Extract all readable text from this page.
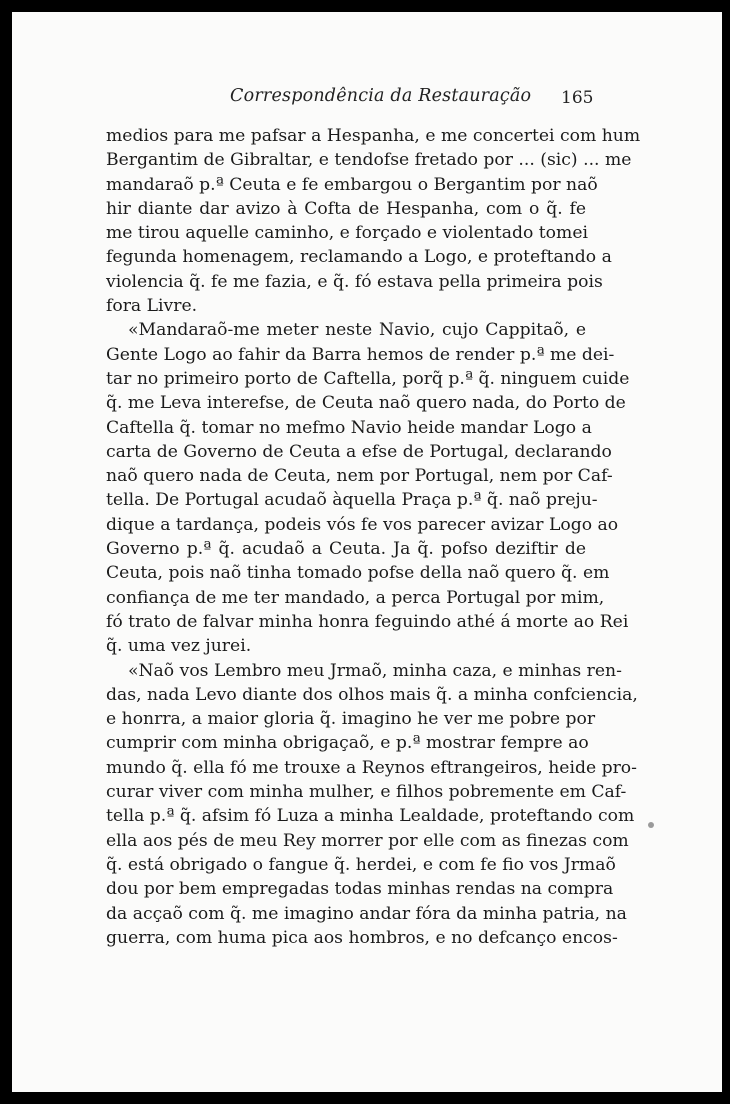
Correspondência da Restauração 165
medios para me pafsar a Hespanha, e me concertei com hum
Bergantim de Gibraltar, e tendofse fretado por ... (sic) ... me
mandaraõ p.ª Ceuta e fe embargou o Bergantim por naõ
hir diante dar avizo à Cofta de Hespanha, com o q̃. fe
me tirou aquelle caminho, e forçado e violentado tomei
fegunda homenagem, reclamando a Logo, e proteftando a
violencia q̃. fe me fazia, e q̃. fó estava pella primeira pois
fora Livre.
«Mandaraõ-me meter neste Navio, cujo Cappitaõ, e
Gente Logo ao fahir da Barra hemos de render p.ª me dei-
tar no primeiro porto de Caftella, porq̃ p.ª q̃. ninguem cuide
q̃. me Leva interefse, de Ceuta naõ quero nada, do Porto de
Caftella q̃. tomar no mefmo Navio heide mandar Logo a
carta de Governo de Ceuta a efse de Portugal, declarando
naõ quero nada de Ceuta, nem por Portugal, nem por Caf-
tella. De Portugal acudaõ àquella Praça p.ª q̃. naõ preju-
dique a tardança, podeis vós fe vos parecer avizar Logo ao
Governo p.ª q̃. acudaõ a Ceuta. Ja q̃. pofso deziftir de
Ceuta, pois naõ tinha tomado pofse della naõ quero q̃. em
confiança de me ter mandado, a perca Portugal por mim,
fó trato de falvar minha honra feguindo athé á morte ao Rei
q̃. uma vez jurei.
«Naõ vos Lembro meu Jrmaõ, minha caza, e minhas ren-
das, nada Levo diante dos olhos mais q̃. a minha confciencia,
e honrra, a maior gloria q̃. imagino he ver me pobre por
cumprir com minha obrigaçaõ, e p.ª mostrar fempre ao
mundo q̃. ella fó me trouxe a Reynos eftrangeiros, heide pro-
curar viver com minha mulher, e filhos pobremente em Caf-
tella p.ª q̃. afsim fó Luza a minha Lealdade, proteftando com
ella aos pés de meu Rey morrer por elle com as finezas com
q̃. está obrigado o fangue q̃. herdei, e com fe fio vos Jrmaõ
dou por bem empregadas todas minhas rendas na compra
da acçaõ com q̃. me imagino andar fóra da minha patria, na
guerra, com huma pica aos hombros, e no defcanço encos-
